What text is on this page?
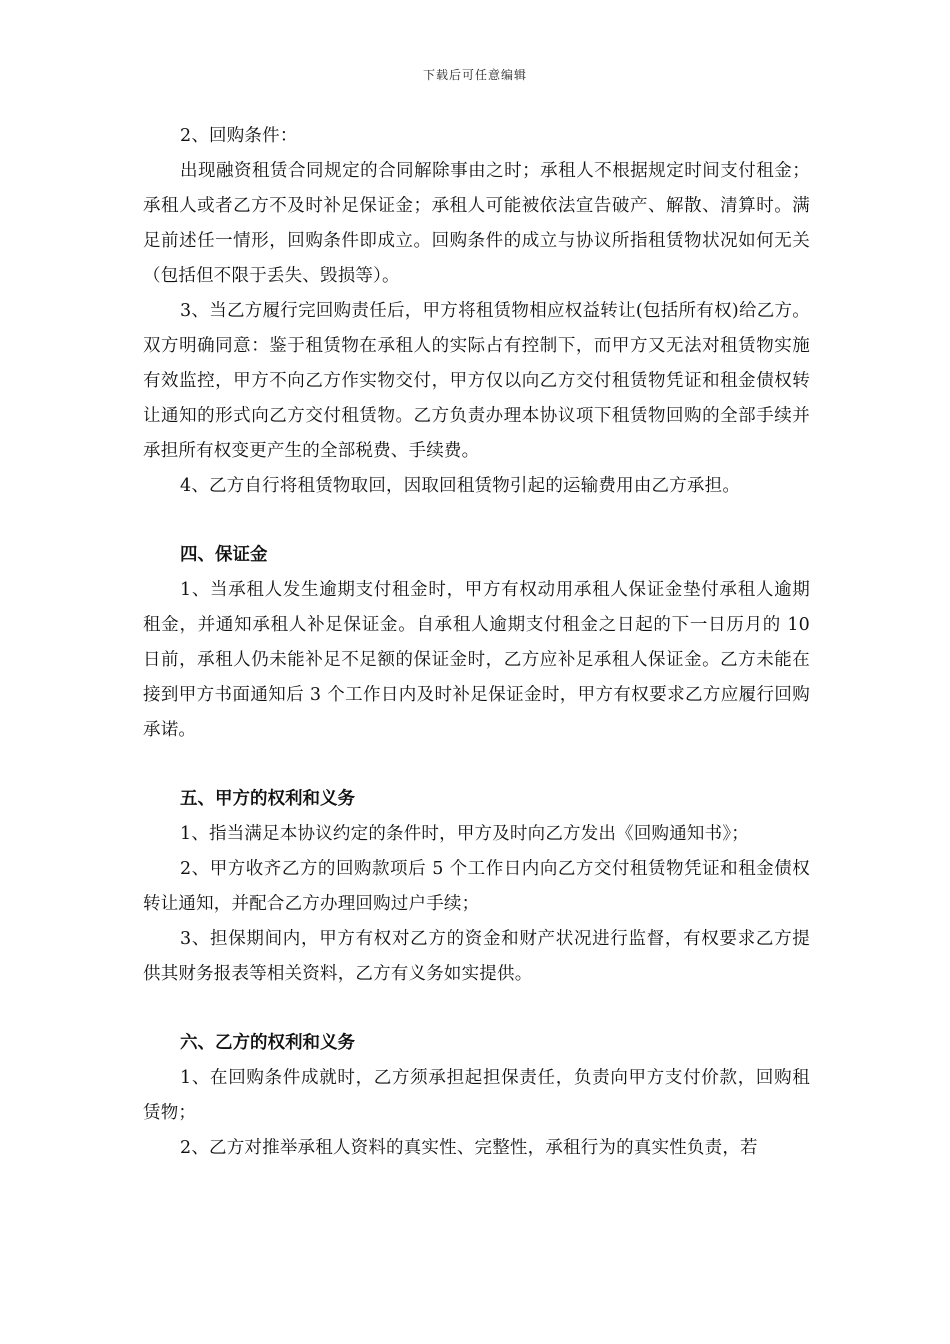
下载后可任意编辑

2、回购条件：

出现融资租赁合同规定的合同解除事由之时；承租人不根据规定时间支付租金；承租人或者乙方不及时补足保证金；承租人可能被依法宣告破产、解散、清算时。满足前述任一情形，回购条件即成立。回购条件的成立与协议所指租赁物状况如何无关（包括但不限于丢失、毁损等）。

3、当乙方履行完回购责任后，甲方将租赁物相应权益转让(包括所有权)给乙方。双方明确同意：鉴于租赁物在承租人的实际占有控制下，而甲方又无法对租赁物实施有效监控，甲方不向乙方作实物交付，甲方仅以向乙方交付租赁物凭证和租金债权转让通知的形式向乙方交付租赁物。乙方负责办理本协议项下租赁物回购的全部手续并承担所有权变更产生的全部税费、手续费。

4、乙方自行将租赁物取回，因取回租赁物引起的运输费用由乙方承担。

四、保证金

1、当承租人发生逾期支付租金时，甲方有权动用承租人保证金垫付承租人逾期租金，并通知承租人补足保证金。自承租人逾期支付租金之日起的下一日历月的 10 日前，承租人仍未能补足不足额的保证金时，乙方应补足承租人保证金。乙方未能在接到甲方书面通知后 3 个工作日内及时补足保证金时，甲方有权要求乙方应履行回购承诺。

五、甲方的权利和义务

1、指当满足本协议约定的条件时，甲方及时向乙方发出《回购通知书》；

2、甲方收齐乙方的回购款项后 5 个工作日内向乙方交付租赁物凭证和租金债权转让通知，并配合乙方办理回购过户手续；

3、担保期间内，甲方有权对乙方的资金和财产状况进行监督，有权要求乙方提供其财务报表等相关资料，乙方有义务如实提供。

六、乙方的权利和义务

1、在回购条件成就时，乙方须承担起担保责任，负责向甲方支付价款，回购租赁物；

2、乙方对推举承租人资料的真实性、完整性，承租行为的真实性负责，若
